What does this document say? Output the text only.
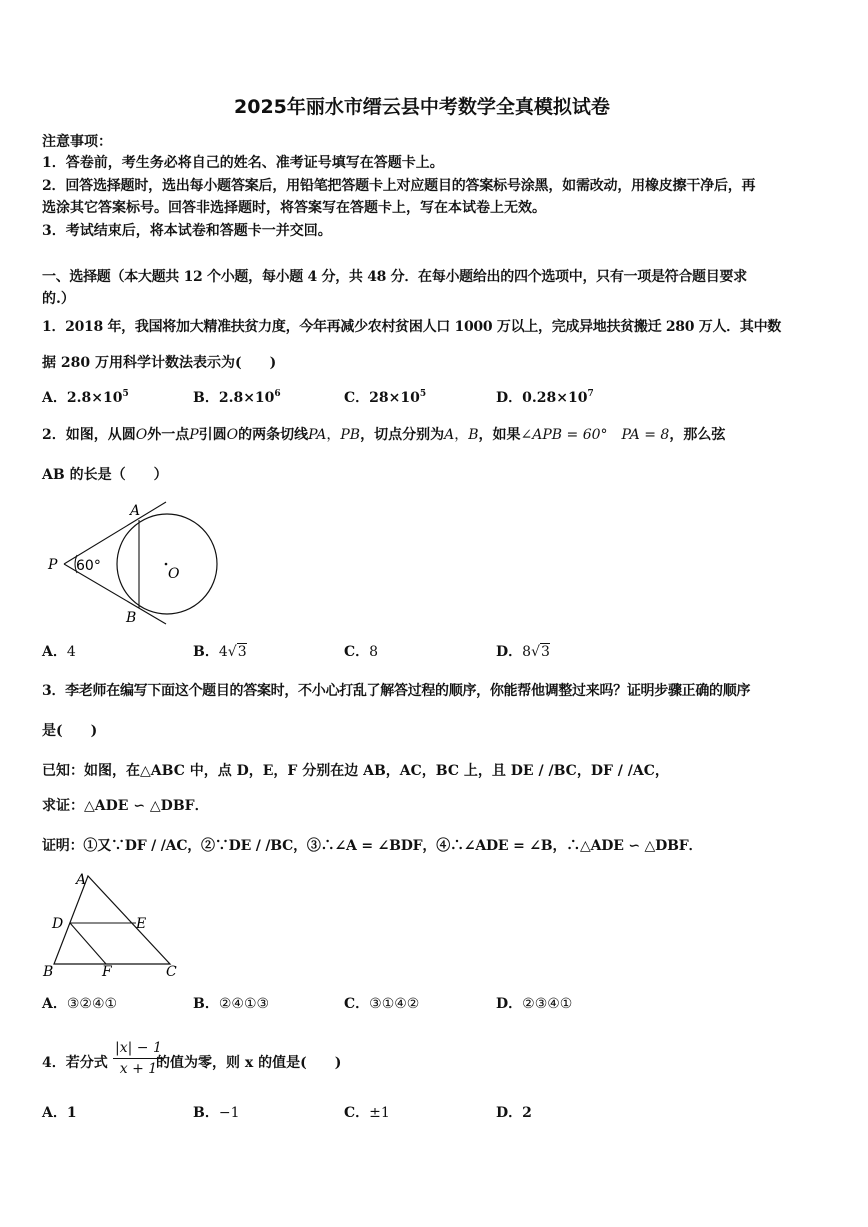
2025年丽水市缙云县中考数学全真模拟试卷
注意事项：
1．答卷前，考生务必将自己的姓名、准考证号填写在答题卡上。
2．回答选择题时，选出每小题答案后，用铅笔把答题卡上对应题目的答案标号涂黑，如需改动，用橡皮擦干净后，再
选涂其它答案标号。回答非选择题时，将答案写在答题卡上，写在本试卷上无效。
3．考试结束后，将本试卷和答题卡一并交回。
一、选择题（本大题共 12 个小题，每小题 4 分，共 48 分．在每小题给出的四个选项中，只有一项是符合题目要求
的.）
1．2018 年，我国将加大精准扶贫力度，今年再减少农村贫困人口 1000 万以上，完成异地扶贫搬迁 280 万人．其中数
据 280 万用科学计数法表示为(　　)
A．$2.8\times 10^5$	B．$2.8\times 10^6$	C．$28\times 10^5$	D．$0.28\times 10^7$
2．如图，从圆O外一点P引圆O的两条切线PA，PB，切点分别为A，B，如果∠APB = 60° PA = 8，那么弦
AB 的长是（　　）
P
A
B
O
60°
A．4	B．4√3	C．8	D．8√3
3．李老师在编写下面这个题目的答案时，不小心打乱了解答过程的顺序，你能帮他调整过来吗？证明步骤正确的顺序
是(　　)
已知：如图，在△ABC 中，点 D，E，F 分别在边 AB，AC，BC 上，且 DE / /BC，DF / /AC，
求证：△ADE ∽ △DBF．
证明：①又∵DF / /AC，②∵DE / /BC，③∴∠A = ∠BDF，④∴∠ADE = ∠B，∴△ADE ∽ △DBF．
A
D	E
B	F	C
A．③②④①	B．②④①③	C．③①④②	D．②③④①
4．若分式
|x| − 1
x + 1
的值为零，则 x 的值是(　　)
A．1	B．−1	C．±1	D．2
